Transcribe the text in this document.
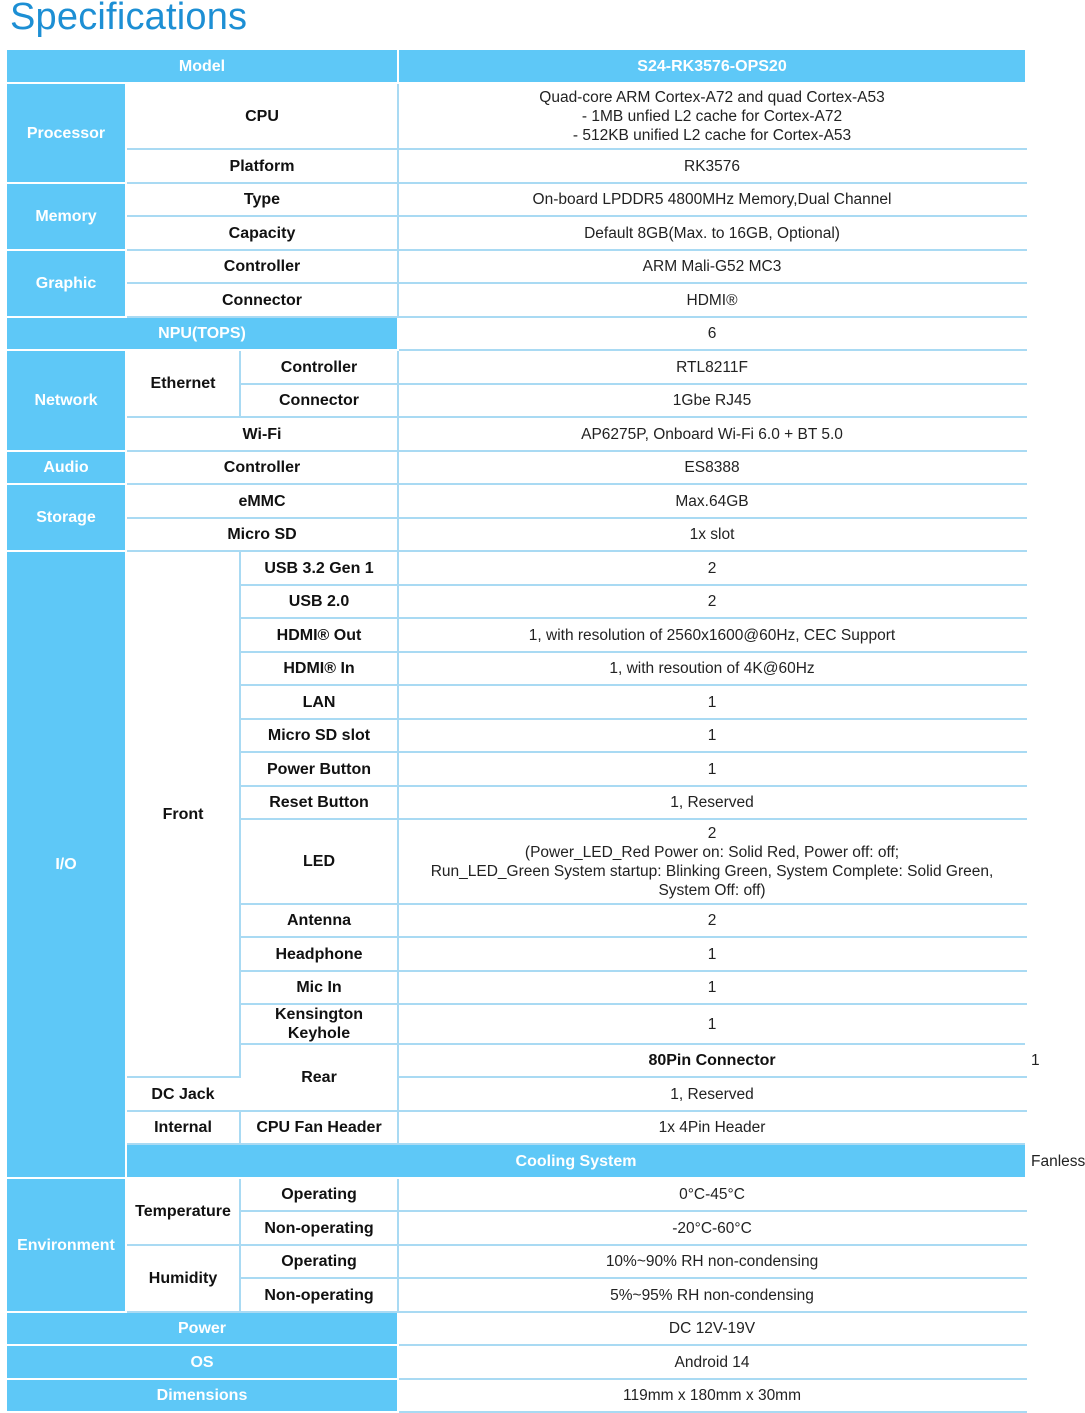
Specifications
Model			S24-RK3576-OPS20	
Processor	CPU		Quad-core ARM Cortex-A72 and quad Cortex-A53
- 1MB unfied L2 cache for Cortex-A72
- 512KB unified L2 cache for Cortex-A53	

	Platform		RK3576	
Memory	Type		On-board LPDDR5 4800MHz Memory,Dual Channel	
	Capacity		Default 8GB(Max. to 16GB, Optional)	
Graphic	Controller		ARM Mali-G52 MC3	
	Connector		HDMI®	
NPU(TOPS)			6	
Network	Ethernet	Controller	RTL8211F	
		Connector	1Gbe RJ45	
	Wi-Fi		AP6275P, Onboard Wi-Fi 6.0 + BT 5.0	
Audio	Controller		ES8388	
Storage	eMMC		Max.64GB	
	Micro SD		1x slot	
I/O	Front	USB 3.2 Gen 1	2	
		USB 2.0	2	
		HDMI® Out	1, with resolution of 2560x1600@60Hz, CEC Support	
		HDMI® In	1, with resoution of 4K@60Hz	
		LAN	1	
		Micro SD slot	1	
		Power Button	1	
		Reset Button	1, Reserved	
		LED	2
(Power_LED_Red Power on: Solid Red, Power off: off;
Run_LED_Green System startup: Blinking Green, System Complete: Solid Green,
System Off: off)	

		Antenna	2	
		Headphone	1	
		Mic In	1	
		Kensington Keyhole	1	
		Rear	80Pin Connector	1
	DC Jack		1, Reserved	
	Internal	CPU Fan Header	1x 4Pin Header	
	Cooling System			Fanless
Environment	Temperature	Operating	0°C-45°C	
		Non-operating	-20°C-60°C	
	Humidity	Operating	10%~90% RH non-condensing	
		Non-operating	5%~95% RH non-condensing	
Power			DC 12V-19V	
OS			Android 14	
Dimensions			119mm x 180mm x 30mm	
